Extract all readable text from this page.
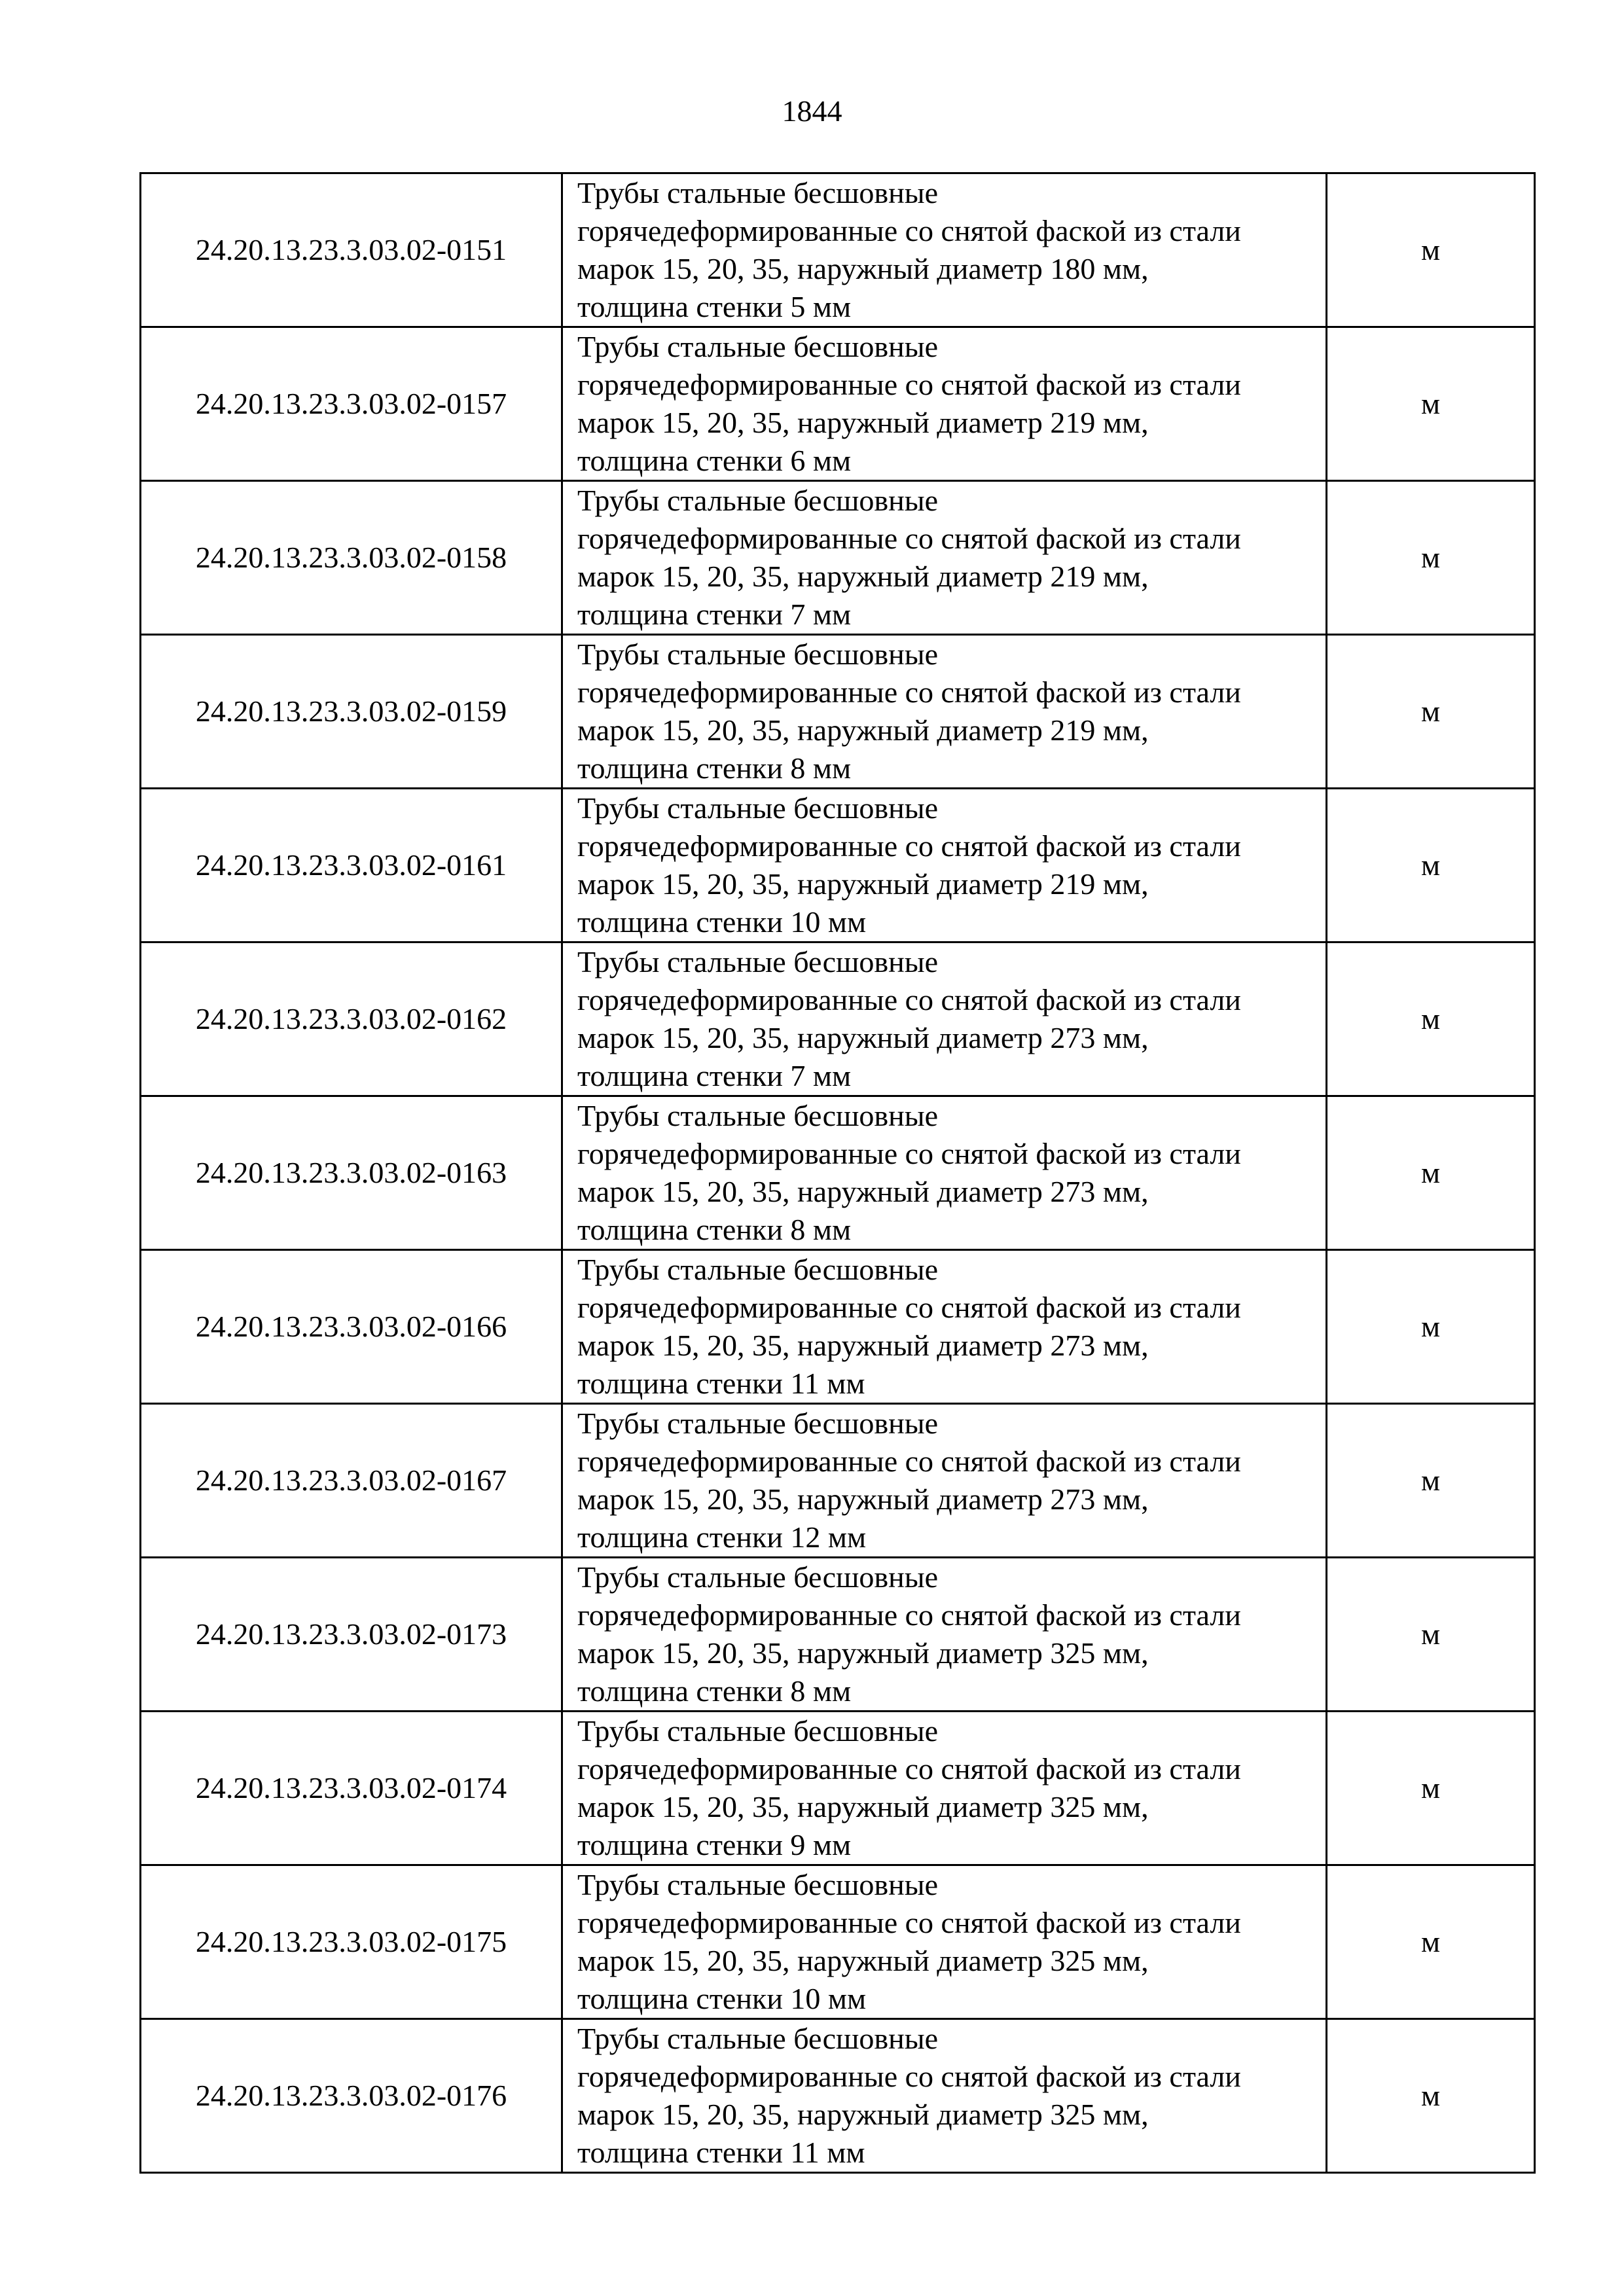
1844
24.20.13.23.3.03.02-0151	Трубы стальные бесшовные
горячедеформированные со снятой фаской из стали
марок 15, 20, 35, наружный диаметр 180 мм,
толщина стенки 5 мм	м
24.20.13.23.3.03.02-0157	Трубы стальные бесшовные
горячедеформированные со снятой фаской из стали
марок 15, 20, 35, наружный диаметр 219 мм,
толщина стенки 6 мм	м
24.20.13.23.3.03.02-0158	Трубы стальные бесшовные
горячедеформированные со снятой фаской из стали
марок 15, 20, 35, наружный диаметр 219 мм,
толщина стенки 7 мм	м
24.20.13.23.3.03.02-0159	Трубы стальные бесшовные
горячедеформированные со снятой фаской из стали
марок 15, 20, 35, наружный диаметр 219 мм,
толщина стенки 8 мм	м
24.20.13.23.3.03.02-0161	Трубы стальные бесшовные
горячедеформированные со снятой фаской из стали
марок 15, 20, 35, наружный диаметр 219 мм,
толщина стенки 10 мм	м
24.20.13.23.3.03.02-0162	Трубы стальные бесшовные
горячедеформированные со снятой фаской из стали
марок 15, 20, 35, наружный диаметр 273 мм,
толщина стенки 7 мм	м
24.20.13.23.3.03.02-0163	Трубы стальные бесшовные
горячедеформированные со снятой фаской из стали
марок 15, 20, 35, наружный диаметр 273 мм,
толщина стенки 8 мм	м
24.20.13.23.3.03.02-0166	Трубы стальные бесшовные
горячедеформированные со снятой фаской из стали
марок 15, 20, 35, наружный диаметр 273 мм,
толщина стенки 11 мм	м
24.20.13.23.3.03.02-0167	Трубы стальные бесшовные
горячедеформированные со снятой фаской из стали
марок 15, 20, 35, наружный диаметр 273 мм,
толщина стенки 12 мм	м
24.20.13.23.3.03.02-0173	Трубы стальные бесшовные
горячедеформированные со снятой фаской из стали
марок 15, 20, 35, наружный диаметр 325 мм,
толщина стенки 8 мм	м
24.20.13.23.3.03.02-0174	Трубы стальные бесшовные
горячедеформированные со снятой фаской из стали
марок 15, 20, 35, наружный диаметр 325 мм,
толщина стенки 9 мм	м
24.20.13.23.3.03.02-0175	Трубы стальные бесшовные
горячедеформированные со снятой фаской из стали
марок 15, 20, 35, наружный диаметр 325 мм,
толщина стенки 10 мм	м
24.20.13.23.3.03.02-0176	Трубы стальные бесшовные
горячедеформированные со снятой фаской из стали
марок 15, 20, 35, наружный диаметр 325 мм,
толщина стенки 11 мм	м
